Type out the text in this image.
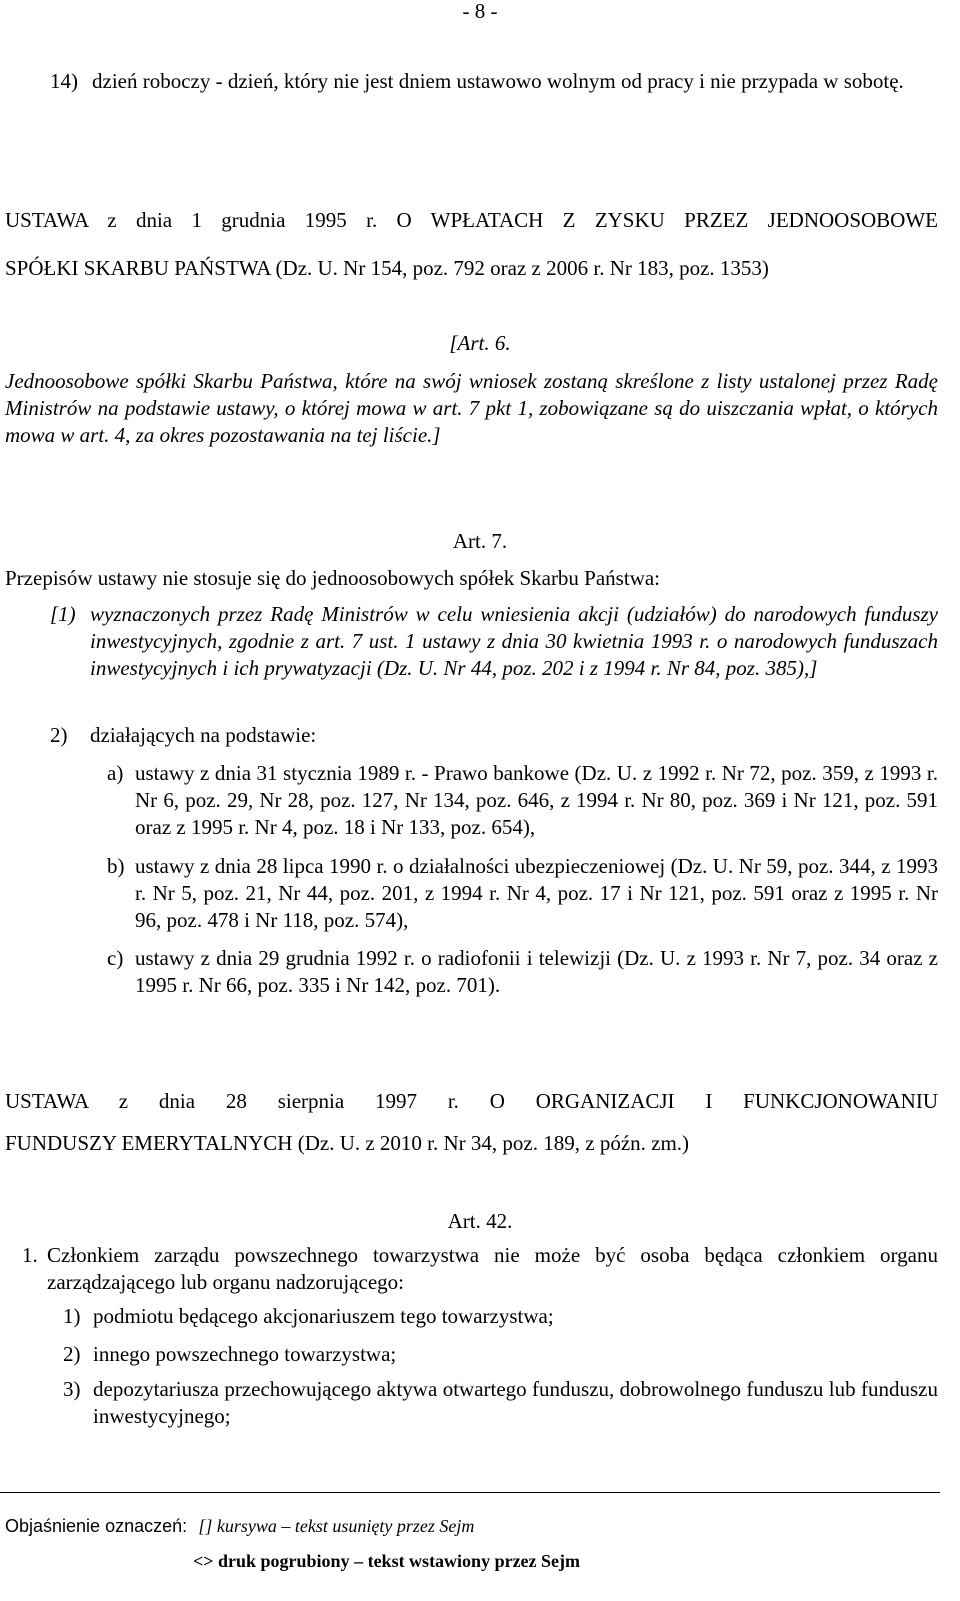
- 8 -
14) dzień roboczy - dzień, który nie jest dniem ustawowo wolnym od pracy i nie przypada w sobotę.
USTAWA z dnia 1 grudnia 1995 r. O WPŁATACH Z ZYSKU PRZEZ JEDNOOSOBOWE
SPÓŁKI SKARBU PAŃSTWA (Dz. U. Nr 154, poz. 792 oraz z 2006 r. Nr 183, poz. 1353)
[Art. 6.
Jednoosobowe spółki Skarbu Państwa, które na swój wniosek zostaną skreślone z listy ustalonej przez Radę Ministrów na podstawie ustawy, o której mowa w art. 7 pkt 1, zobowiązane są do uiszczania wpłat, o których mowa w art. 4, za okres pozostawania na tej liście.]
Art. 7.
Przepisów ustawy nie stosuje się do jednoosobowych spółek Skarbu Państwa:
[1) wyznaczonych przez Radę Ministrów w celu wniesienia akcji (udziałów) do narodowych funduszy inwestycyjnych, zgodnie z art. 7 ust. 1 ustawy z dnia 30 kwietnia 1993 r. o narodowych funduszach inwestycyjnych i ich prywatyzacji (Dz. U. Nr 44, poz. 202 i z 1994 r. Nr 84, poz. 385),]
2)	działających na podstawie:
a) ustawy z dnia 31 stycznia 1989 r. - Prawo bankowe (Dz. U. z 1992 r. Nr 72, poz. 359, z 1993 r. Nr 6, poz. 29, Nr 28, poz. 127, Nr 134, poz. 646, z 1994 r. Nr 80, poz. 369 i Nr 121, poz. 591 oraz z 1995 r. Nr 4, poz. 18 i Nr 133, poz. 654),
b) ustawy z dnia 28 lipca 1990 r. o działalności ubezpieczeniowej (Dz. U. Nr 59, poz. 344, z 1993 r. Nr 5, poz. 21, Nr 44, poz. 201, z 1994 r. Nr 4, poz. 17 i Nr 121, poz. 591 oraz z 1995 r. Nr 96, poz. 478 i Nr 118, poz. 574),
c) ustawy z dnia 29 grudnia 1992 r. o radiofonii i telewizji (Dz. U. z 1993 r. Nr 7, poz. 34 oraz z 1995 r. Nr 66, poz. 335 i Nr 142, poz. 701).
USTAWA z dnia 28 sierpnia 1997 r. O ORGANIZACJI I FUNKCJONOWANIU
FUNDUSZY EMERYTALNYCH (Dz. U. z 2010 r. Nr 34, poz. 189, z późn. zm.)
Art. 42.
1. Członkiem zarządu powszechnego towarzystwa nie może być osoba będąca członkiem organu zarządzającego lub organu nadzorującego:
1) podmiotu będącego akcjonariuszem tego towarzystwa;
2) innego powszechnego towarzystwa;
3) depozytariusza przechowującego aktywa otwartego funduszu, dobrowolnego funduszu lub funduszu inwestycyjnego;
Objaśnienie oznaczeń: [] kursywa – tekst usunięty przez Sejm
<> druk pogrubiony – tekst wstawiony przez Sejm
